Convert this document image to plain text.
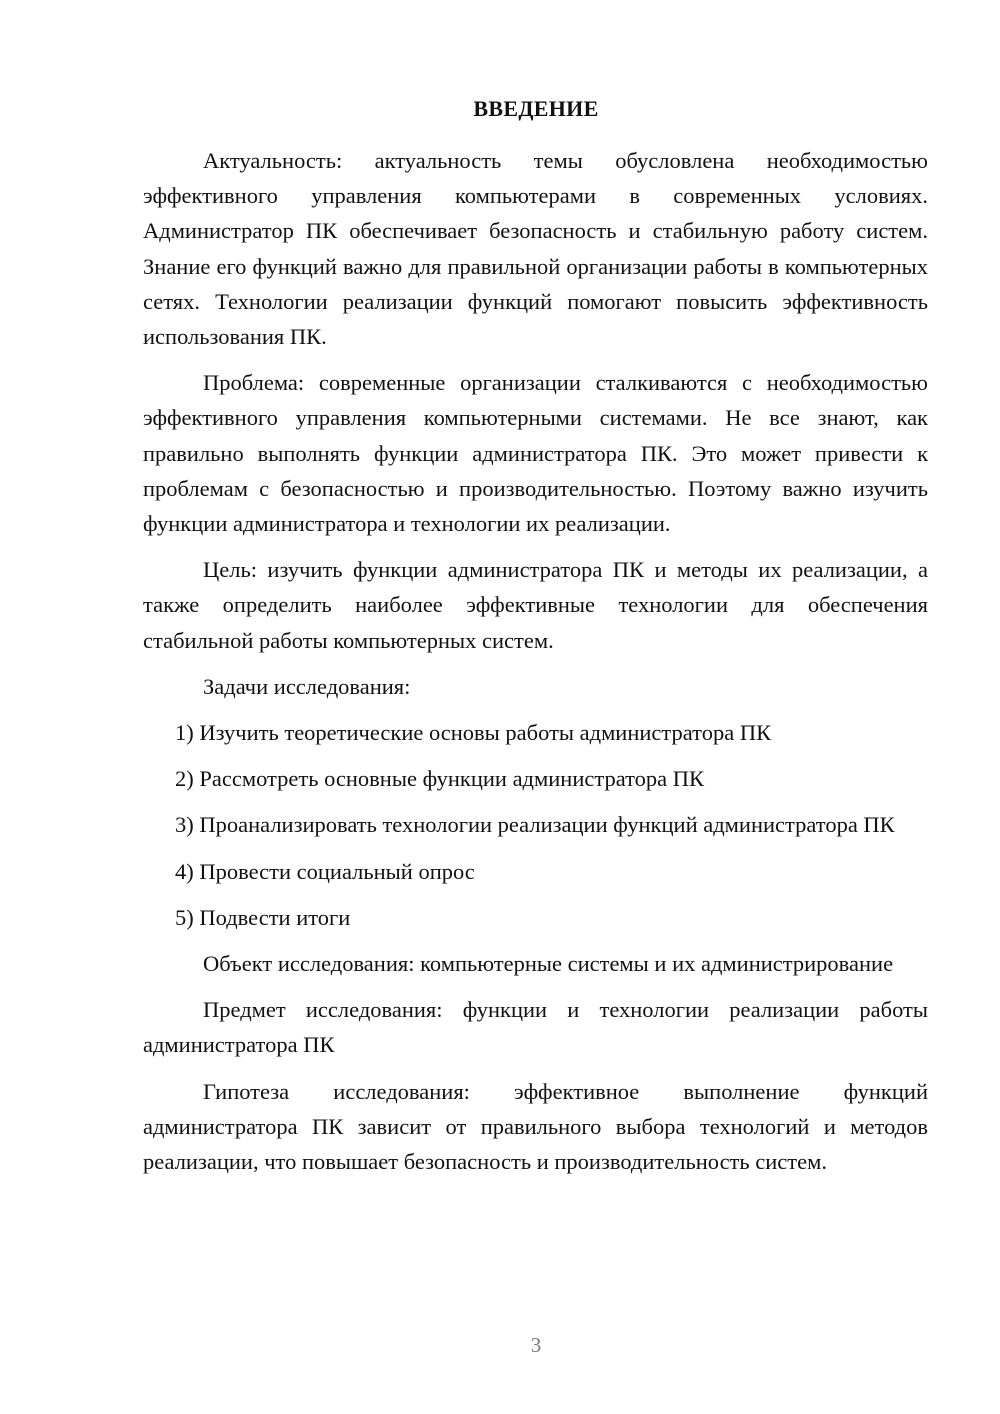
ВВЕДЕНИЕ

Актуальность: актуальность темы обусловлена необходимостью эффективного управления компьютерами в современных условиях. Администратор ПК обеспечивает безопасность и стабильную работу систем. Знание его функций важно для правильной организации работы в компьютерных сетях. Технологии реализации функций помогают повысить эффективность использования ПК.

Проблема: современные организации сталкиваются с необходимостью эффективного управления компьютерными системами. Не все знают, как правильно выполнять функции администратора ПК. Это может привести к проблемам с безопасностью и производительностью. Поэтому важно изучить функции администратора и технологии их реализации.

Цель: изучить функции администратора ПК и методы их реализации, а также определить наиболее эффективные технологии для обеспечения стабильной работы компьютерных систем.

Задачи исследования:

1) Изучить теоретические основы работы администратора ПК

2) Рассмотреть основные функции администратора ПК

3) Проанализировать технологии реализации функций администратора ПК

4) Провести социальный опрос

5) Подвести итоги

Объект исследования: компьютерные системы и их администрирование

Предмет исследования: функции и технологии реализации работы администратора ПК

Гипотеза исследования: эффективное выполнение функций администратора ПК зависит от правильного выбора технологий и методов реализации, что повышает безопасность и производительность систем.

3
